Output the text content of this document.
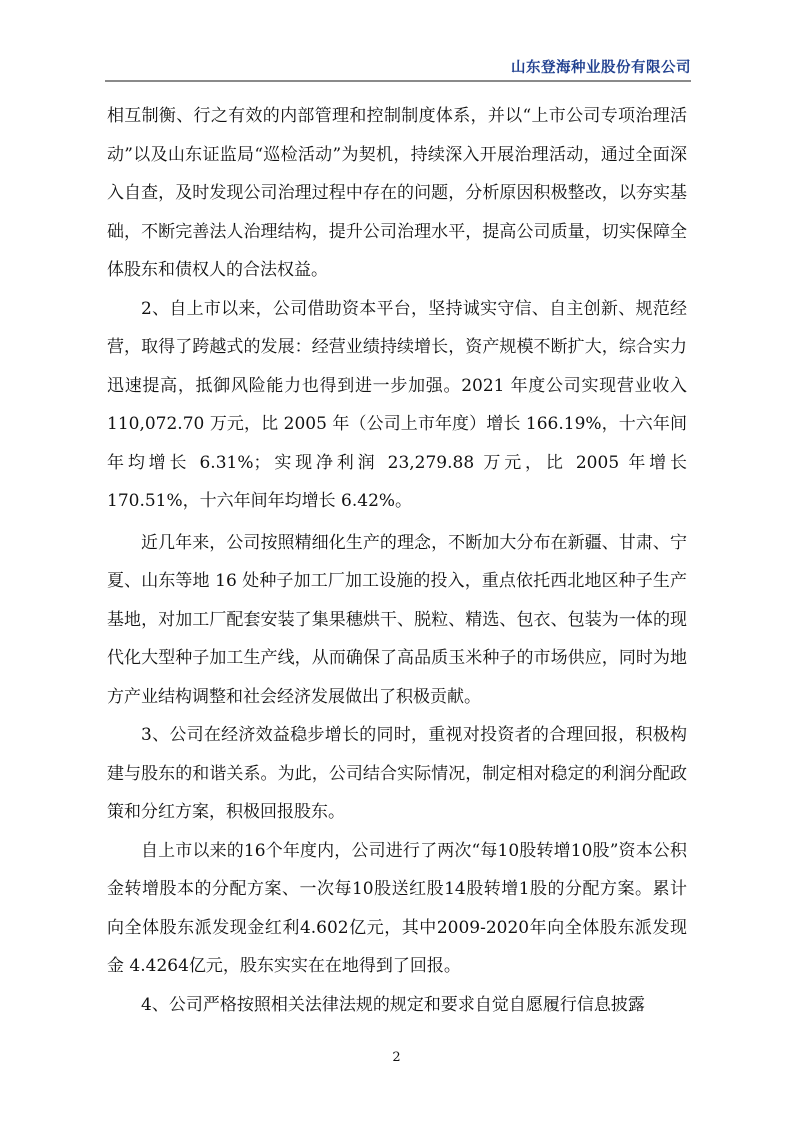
山东登海种业股份有限公司

相互制衡、行之有效的内部管理和控制制度体系，并以“上市公司专项治理活动”以及山东证监局“巡检活动”为契机，持续深入开展治理活动，通过全面深入自查，及时发现公司治理过程中存在的问题，分析原因积极整改，以夯实基础，不断完善法人治理结构，提升公司治理水平，提高公司质量，切实保障全体股东和债权人的合法权益。

2、自上市以来，公司借助资本平台，坚持诚实守信、自主创新、规范经营，取得了跨越式的发展：经营业绩持续增长，资产规模不断扩大，综合实力迅速提高，抵御风险能力也得到进一步加强。2021 年度公司实现营业收入 110,072.70 万元，比 2005 年（公司上市年度）增长 166.19%，十六年间年均增长 6.31%；实现净利润 23,279.88 万元，比 2005 年增长 170.51%，十六年间年均增长 6.42%。

近几年来，公司按照精细化生产的理念，不断加大分布在新疆、甘肃、宁夏、山东等地 16 处种子加工厂加工设施的投入，重点依托西北地区种子生产基地，对加工厂配套安装了集果穗烘干、脱粒、精选、包衣、包装为一体的现代化大型种子加工生产线，从而确保了高品质玉米种子的市场供应，同时为地方产业结构调整和社会经济发展做出了积极贡献。

3、公司在经济效益稳步增长的同时，重视对投资者的合理回报，积极构建与股东的和谐关系。为此，公司结合实际情况，制定相对稳定的利润分配政策和分红方案，积极回报股东。

自上市以来的16个年度内，公司进行了两次“每10股转增10股”资本公积金转增股本的分配方案、一次每10股送红股14股转增1股的分配方案。累计向全体股东派发现金红利4.602亿元，其中2009-2020年向全体股东派发现金 4.4264亿元，股东实实在在地得到了回报。

4、公司严格按照相关法律法规的规定和要求自觉自愿履行信息披露

2
